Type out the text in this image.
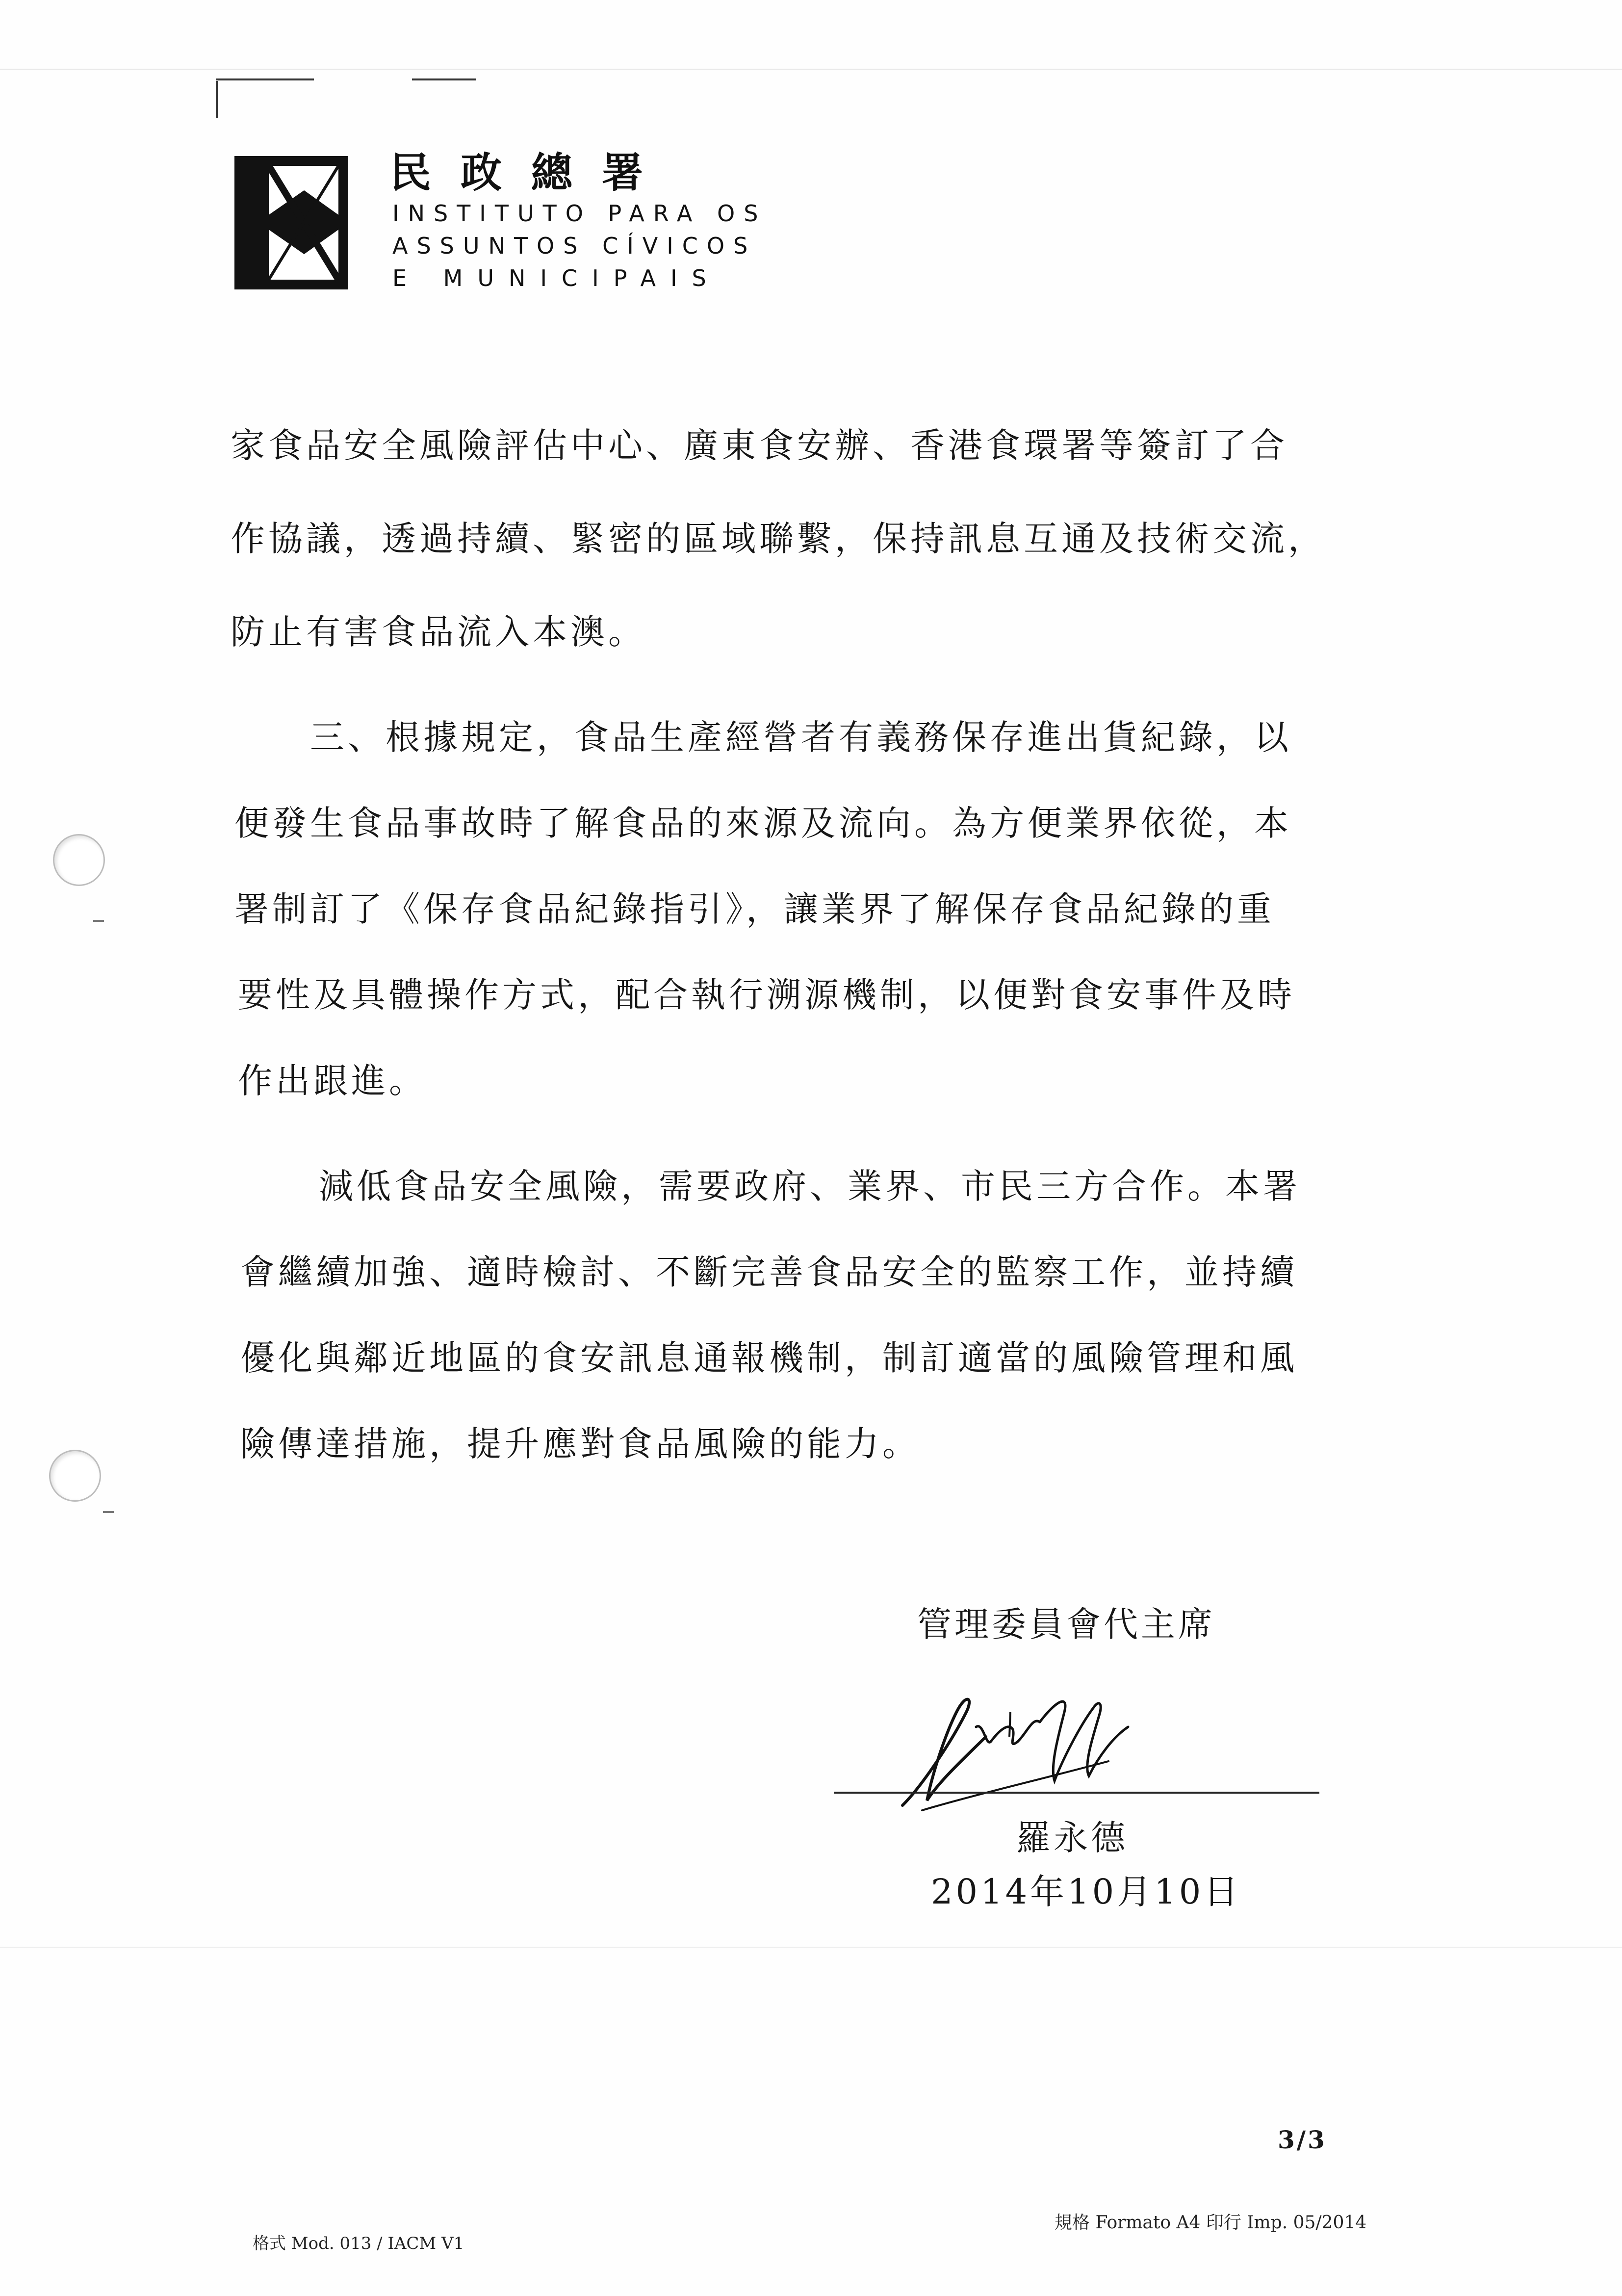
民政總署
INSTITUTO PARA OS
ASSUNTOS CÍVICOS
E MUNICIPAIS
家食品安全風險評估中心、廣東食安辦、香港食環署等簽訂了合
作協議，透過持續、緊密的區域聯繫，保持訊息互通及技術交流，
防止有害食品流入本澳。
三、根據規定，食品生產經營者有義務保存進出貨紀錄，以
便發生食品事故時了解食品的來源及流向。為方便業界依從，本
署制訂了《保存食品紀錄指引》，讓業界了解保存食品紀錄的重
要性及具體操作方式，配合執行溯源機制，以便對食安事件及時
作出跟進。
減低食品安全風險，需要政府、業界、市民三方合作。本署
會繼續加強、適時檢討、不斷完善食品安全的監察工作，並持續
優化與鄰近地區的食安訊息通報機制，制訂適當的風險管理和風
險傳達措施，提升應對食品風險的能力。
管理委員會代主席
羅永德
2014年10月10日
3/3
格式 Mod. 013 / IACM V1
規格 Formato A4 印行 Imp. 05/2014
